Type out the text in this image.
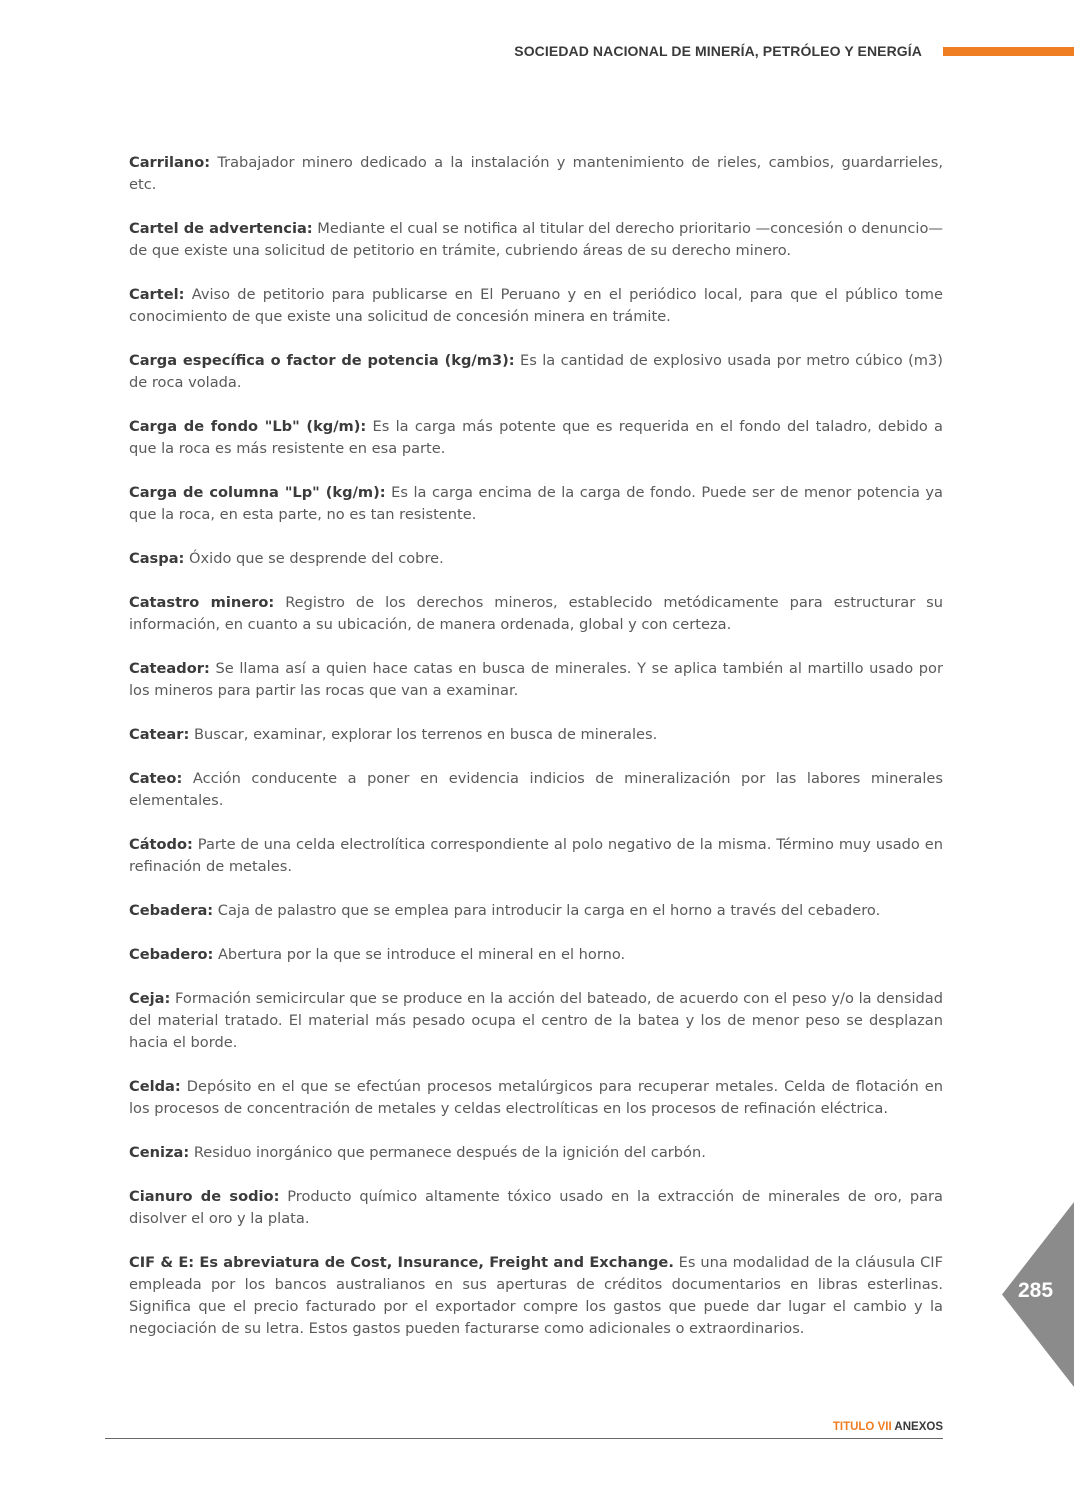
SOCIEDAD NACIONAL DE MINERÍA, PETRÓLEO Y ENERGÍA

Carrilano: Trabajador minero dedicado a la instalación y mantenimiento de rieles, cambios, guardarrieles, etc.

Cartel de advertencia: Mediante el cual se notifica al titular del derecho prioritario —concesión o denuncio—de que existe una solicitud de petitorio en trámite, cubriendo áreas de su derecho minero.

Cartel: Aviso de petitorio para publicarse en El Peruano y en el periódico local, para que el público tome conocimiento de que existe una solicitud de concesión minera en trámite.

Carga específica o factor de potencia (kg/m3): Es la cantidad de explosivo usada por metro cúbico (m3) de roca volada.

Carga de fondo "Lb" (kg/m): Es la carga más potente que es requerida en el fondo del taladro, debido a que la roca es más resistente en esa parte.

Carga de columna "Lp" (kg/m): Es la carga encima de la carga de fondo. Puede ser de menor potencia ya que la roca, en esta parte, no es tan resistente.

Caspa: Óxido que se desprende del cobre.

Catastro minero: Registro de los derechos mineros, establecido metódicamente para estructurar su información, en cuanto a su ubicación, de manera ordenada, global y con certeza.

Cateador: Se llama así a quien hace catas en busca de minerales. Y se aplica también al martillo usado por los mineros para partir las rocas que van a examinar.

Catear: Buscar, examinar, explorar los terrenos en busca de minerales.

Cateo: Acción conducente a poner en evidencia indicios de mineralización por las labores minerales elementales.

Cátodo: Parte de una celda electrolítica correspondiente al polo negativo de la misma. Término muy usado en refinación de metales.

Cebadera: Caja de palastro que se emplea para introducir la carga en el horno a través del cebadero.

Cebadero: Abertura por la que se introduce el mineral en el horno.

Ceja: Formación semicircular que se produce en la acción del bateado, de acuerdo con el peso y/o la densidad del material tratado. El material más pesado ocupa el centro de la batea y los de menor peso se desplazan hacia el borde.

Celda: Depósito en el que se efectúan procesos metalúrgicos para recuperar metales. Celda de flotación en los procesos de concentración de metales y celdas electrolíticas en los procesos de refinación eléctrica.

Ceniza: Residuo inorgánico que permanece después de la ignición del carbón.

Cianuro de sodio: Producto químico altamente tóxico usado en la extracción de minerales de oro, para disolver el oro y la plata.

CIF & E: Es abreviatura de Cost, Insurance, Freight and Exchange. Es una modalidad de la cláusula CIF empleada por los bancos australianos en sus aperturas de créditos documentarios en libras esterlinas. Significa que el precio facturado por el exportador compre los gastos que puede dar lugar el cambio y la negociación de su letra. Estos gastos pueden facturarse como adicionales o extraordinarios.

285
TITULO VII ANEXOS
